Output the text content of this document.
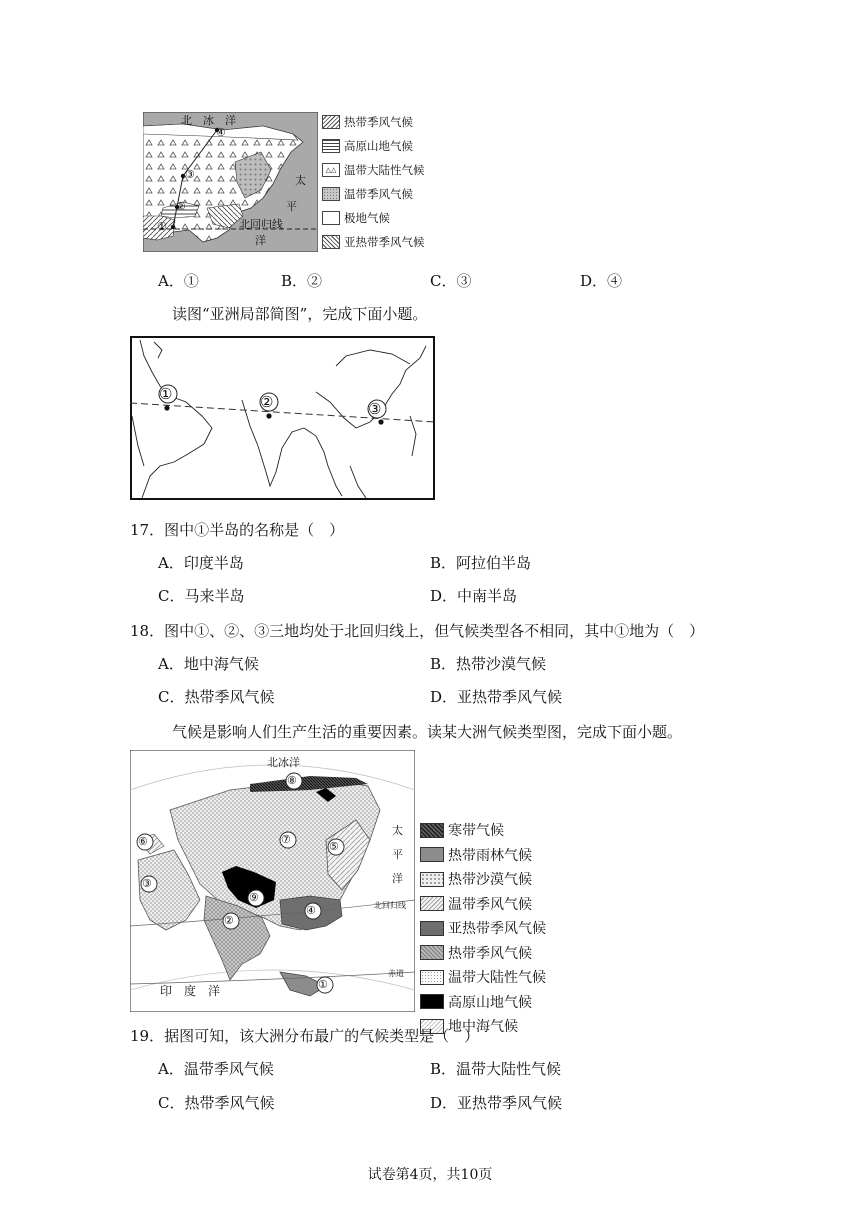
北　冰　洋
太
平
北回归线
洋
①
②
③
④
热带季风气候
高原山地气候
△△ 温带大陆性气候
温带季风气候
极地气候
亚热带季风气候
A．①	B．②	C．③	D．④
读图“亚洲局部简图”，完成下面小题。
①	②	③
17．图中①半岛的名称是（　）
A．印度半岛	B．阿拉伯半岛
C．马来半岛	D．中南半岛
18．图中①、②、③三地均处于北回归线上，但气候类型各不相同，其中①地为（　）
A．地中海气候	B．热带沙漠气候
C．热带季风气候	D．亚热带季风气候
气候是影响人们生产生活的重要因素。读某大洲气候类型图，完成下面小题。
北冰洋
太
平
洋
北回归线
赤道
印　度　洋	①
②
③
④
⑤
⑥	⑦
⑧
⑨
寒带气候
热带雨林气候
热带沙漠气候
温带季风气候
亚热带季风气候
热带季风气候
温带大陆性气候
高原山地气候
地中海气候
19．据图可知，该大洲分布最广的气候类型是（　）
A．温带季风气候	B．温带大陆性气候
C．热带季风气候	D．亚热带季风气候
试卷第4页，共10页
